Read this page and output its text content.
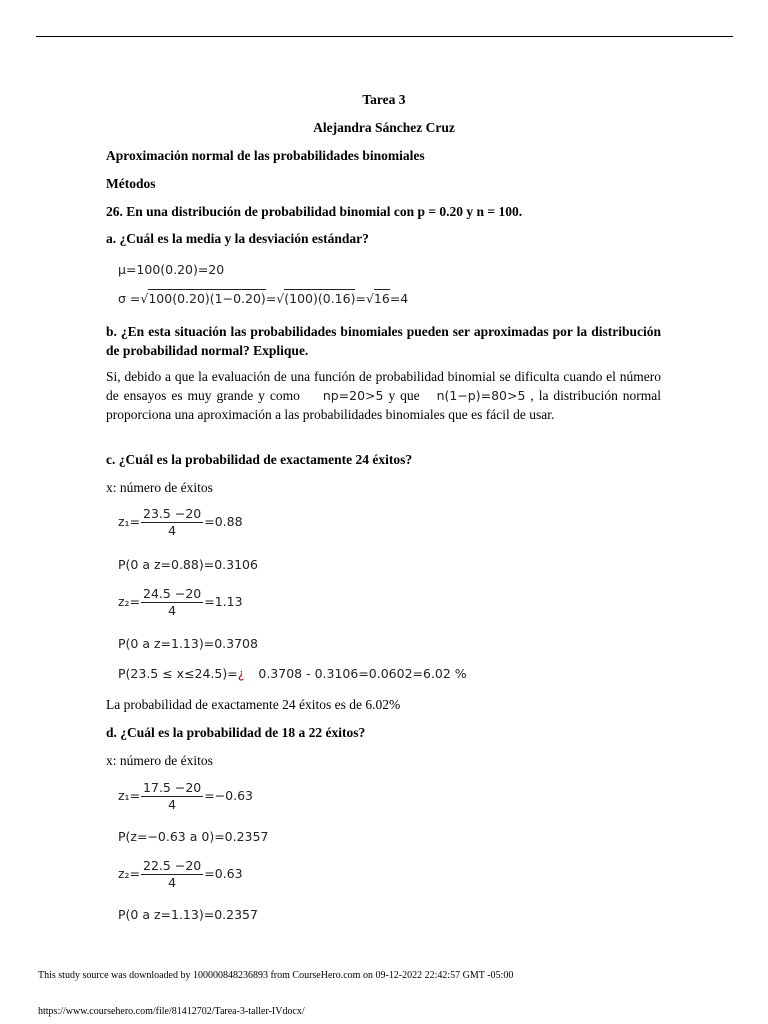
Tarea 3
Alejandra Sánchez Cruz
Aproximación normal de las probabilidades binomiales
Métodos
26. En una distribución de probabilidad binomial con p = 0.20 y n = 100.
a. ¿Cuál es la media y la desviación estándar?
μ=100(0.20)=20
σ =√100(0.20)(1−0.20)=√(100)(0.16)=√16=4
b. ¿En esta situación las probabilidades binomiales pueden ser aproximadas por la distribución de probabilidad normal? Explique.
Si, debido a que la evaluación de una función de probabilidad binomial se dificulta cuando el número de ensayos es muy grande y como np=20>5 y que n(1−p)=80>5 , la distribución normal proporciona una aproximación a las probabilidades binomiales que es fácil de usar.
c. ¿Cuál es la probabilidad de exactamente 24 éxitos?
x: número de éxitos
$z_1= \frac{23.5 -20}{4} =0.88$
P(0 a z=0.88)=0.3106
$z_2= \frac{24.5 -20}{4} =1.13$
P(0 a z=1.13)=0.3708
P(23.5 ≤ x≤24.5)=¿ 0.3708 - 0.3106=0.0602=6.02 %
La probabilidad de exactamente 24 éxitos es de 6.02%
d. ¿Cuál es la probabilidad de 18 a 22 éxitos?
x: número de éxitos
$z_1= \frac{17.5 -20}{4} =-0.63$
P(z=−0.63 a 0)=0.2357
$z_2= \frac{22.5 -20}{4} =0.63$
P(0 a z=1.13)=0.2357
This study source was downloaded by 100000848236893 from CourseHero.com on 09-12-2022 22:42:57 GMT -05:00
https://www.coursehero.com/file/81412702/Tarea-3-taller-IVdocx/
